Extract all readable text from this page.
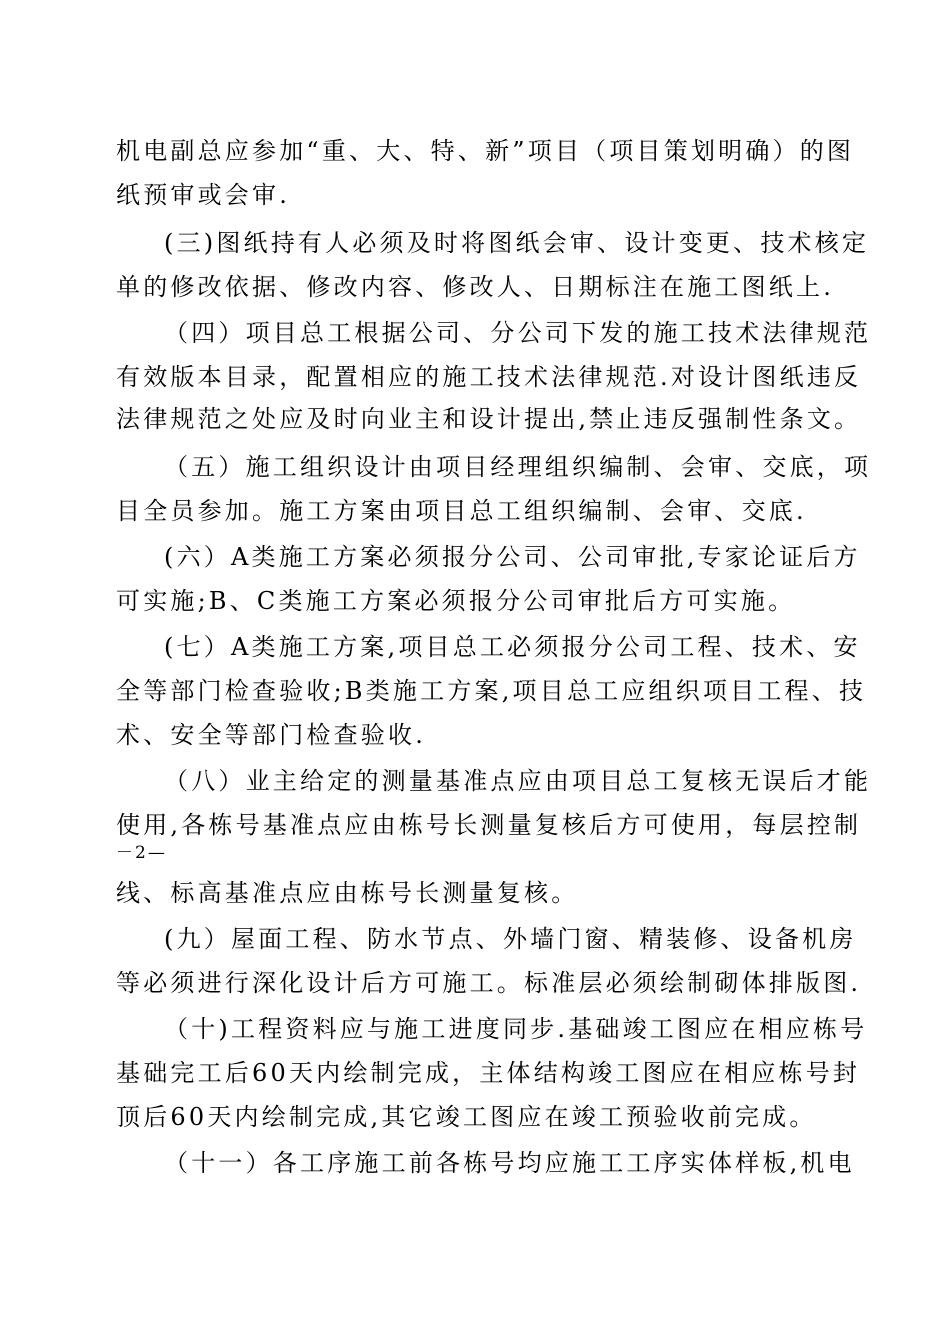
机电副总应参加“重、大、特、新”项目（项目策划明确）的图
纸预审或会审.
(三)图纸持有人必须及时将图纸会审、设计变更、技术核定
单的修改依据、修改内容、修改人、日期标注在施工图纸上.
（四）项目总工根据公司、分公司下发的施工技术法律规范
有效版本目录，配置相应的施工技术法律规范.对设计图纸违反
法律规范之处应及时向业主和设计提出,禁止违反强制性条文。
（五）施工组织设计由项目经理组织编制、会审、交底，项
目全员参加。施工方案由项目总工组织编制、会审、交底.
(六）A类施工方案必须报分公司、公司审批,专家论证后方
可实施;B、C类施工方案必须报分公司审批后方可实施。
(七）A类施工方案,项目总工必须报分公司工程、技术、安
全等部门检查验收;B类施工方案,项目总工应组织项目工程、技
术、安全等部门检查验收.
（八）业主给定的测量基准点应由项目总工复核无误后才能
使用,各栋号基准点应由栋号长测量复核后方可使用，每层控制
－2—
线、标高基准点应由栋号长测量复核。
(九）屋面工程、防水节点、外墙门窗、精装修、设备机房
等必须进行深化设计后方可施工。标准层必须绘制砌体排版图.
（十)工程资料应与施工进度同步.基础竣工图应在相应栋号
基础完工后60天内绘制完成，主体结构竣工图应在相应栋号封
顶后60天内绘制完成,其它竣工图应在竣工预验收前完成。
（十一）各工序施工前各栋号均应施工工序实体样板,机电
